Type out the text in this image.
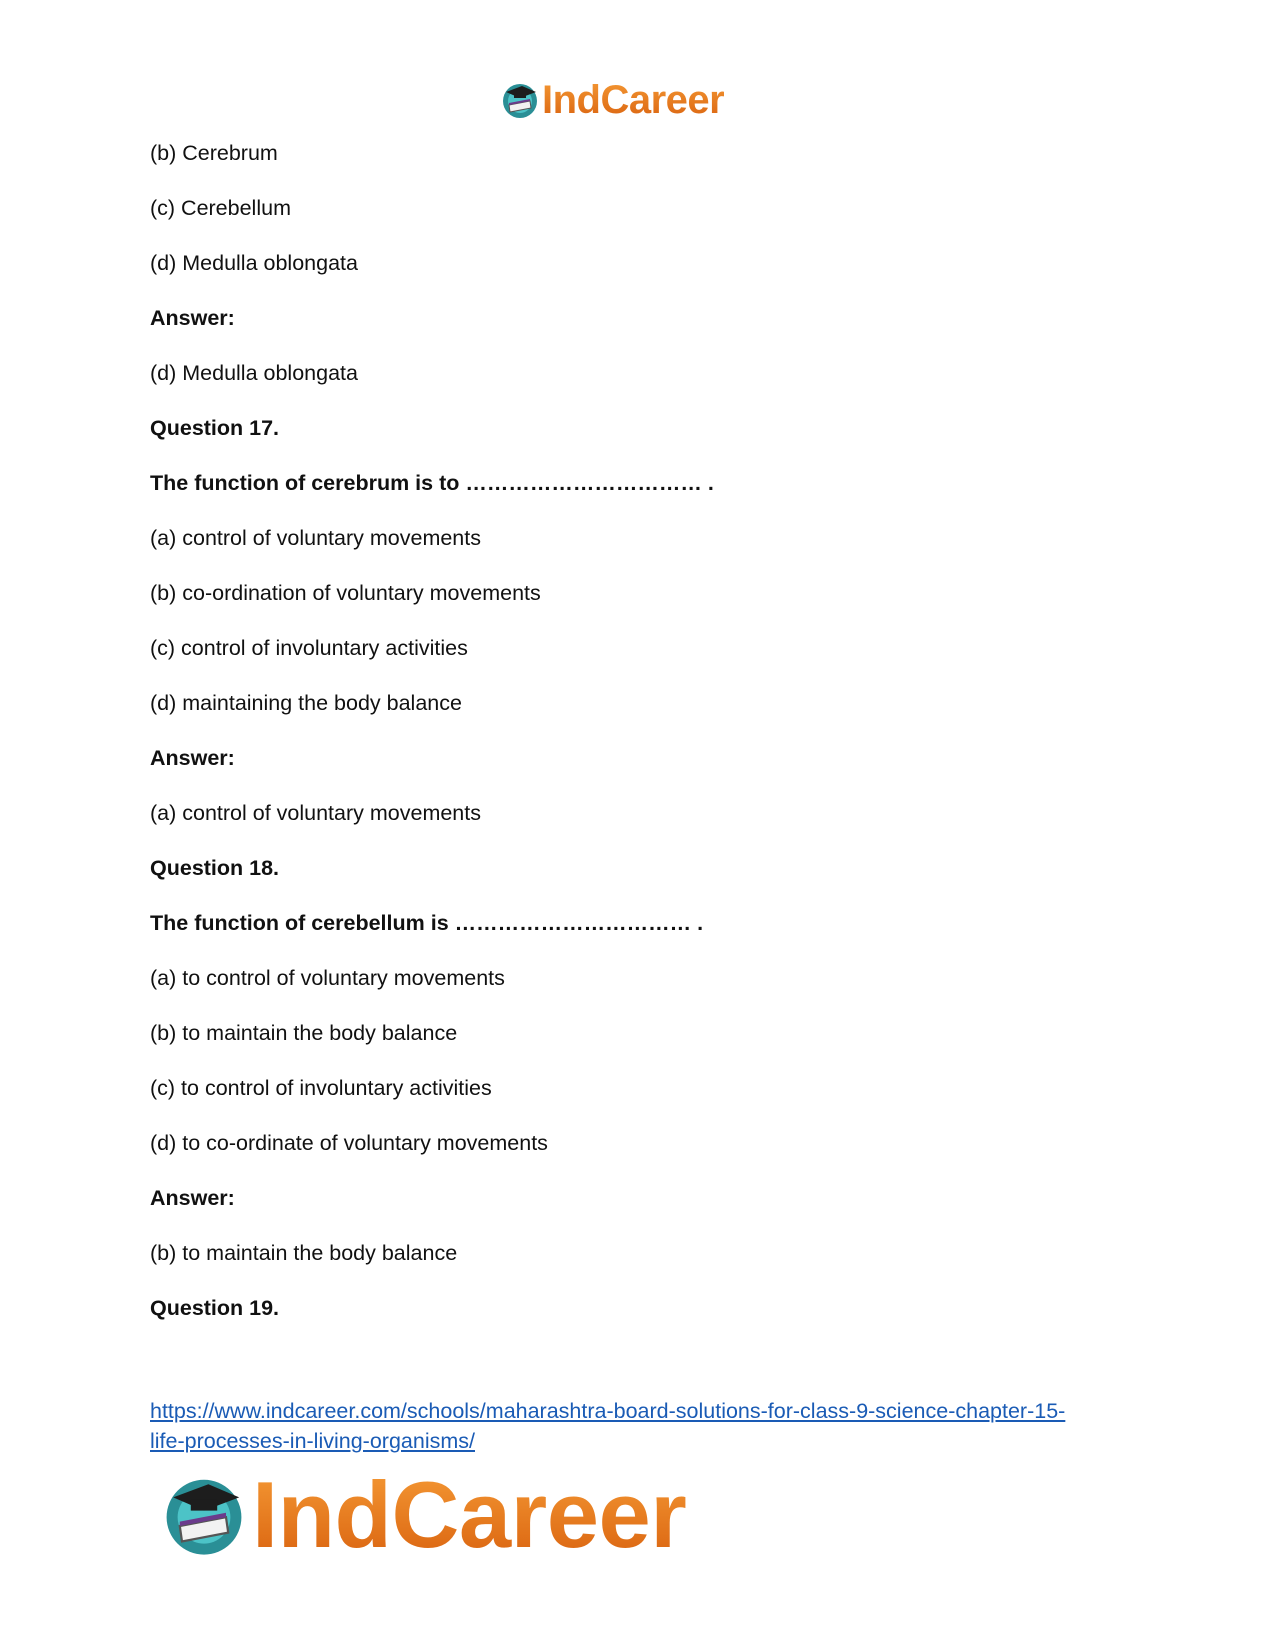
IndCareer
(b) Cerebrum
(c) Cerebellum
(d) Medulla oblongata
Answer:
(d) Medulla oblongata
Question 17.
The function of cerebrum is to …………………………… .
(a) control of voluntary movements
(b) co-ordination of voluntary movements
(c) control of involuntary activities
(d) maintaining the body balance
Answer:
(a) control of voluntary movements
Question 18.
The function of cerebellum is …………………………… .
(a) to control of voluntary movements
(b) to maintain the body balance
(c) to control of involuntary activities
(d) to co-ordinate of voluntary movements
Answer:
(b) to maintain the body balance
Question 19.
https://www.indcareer.com/schools/maharashtra-board-solutions-for-class-9-science-chapter-15-
life-processes-in-living-organisms/
IndCareer
